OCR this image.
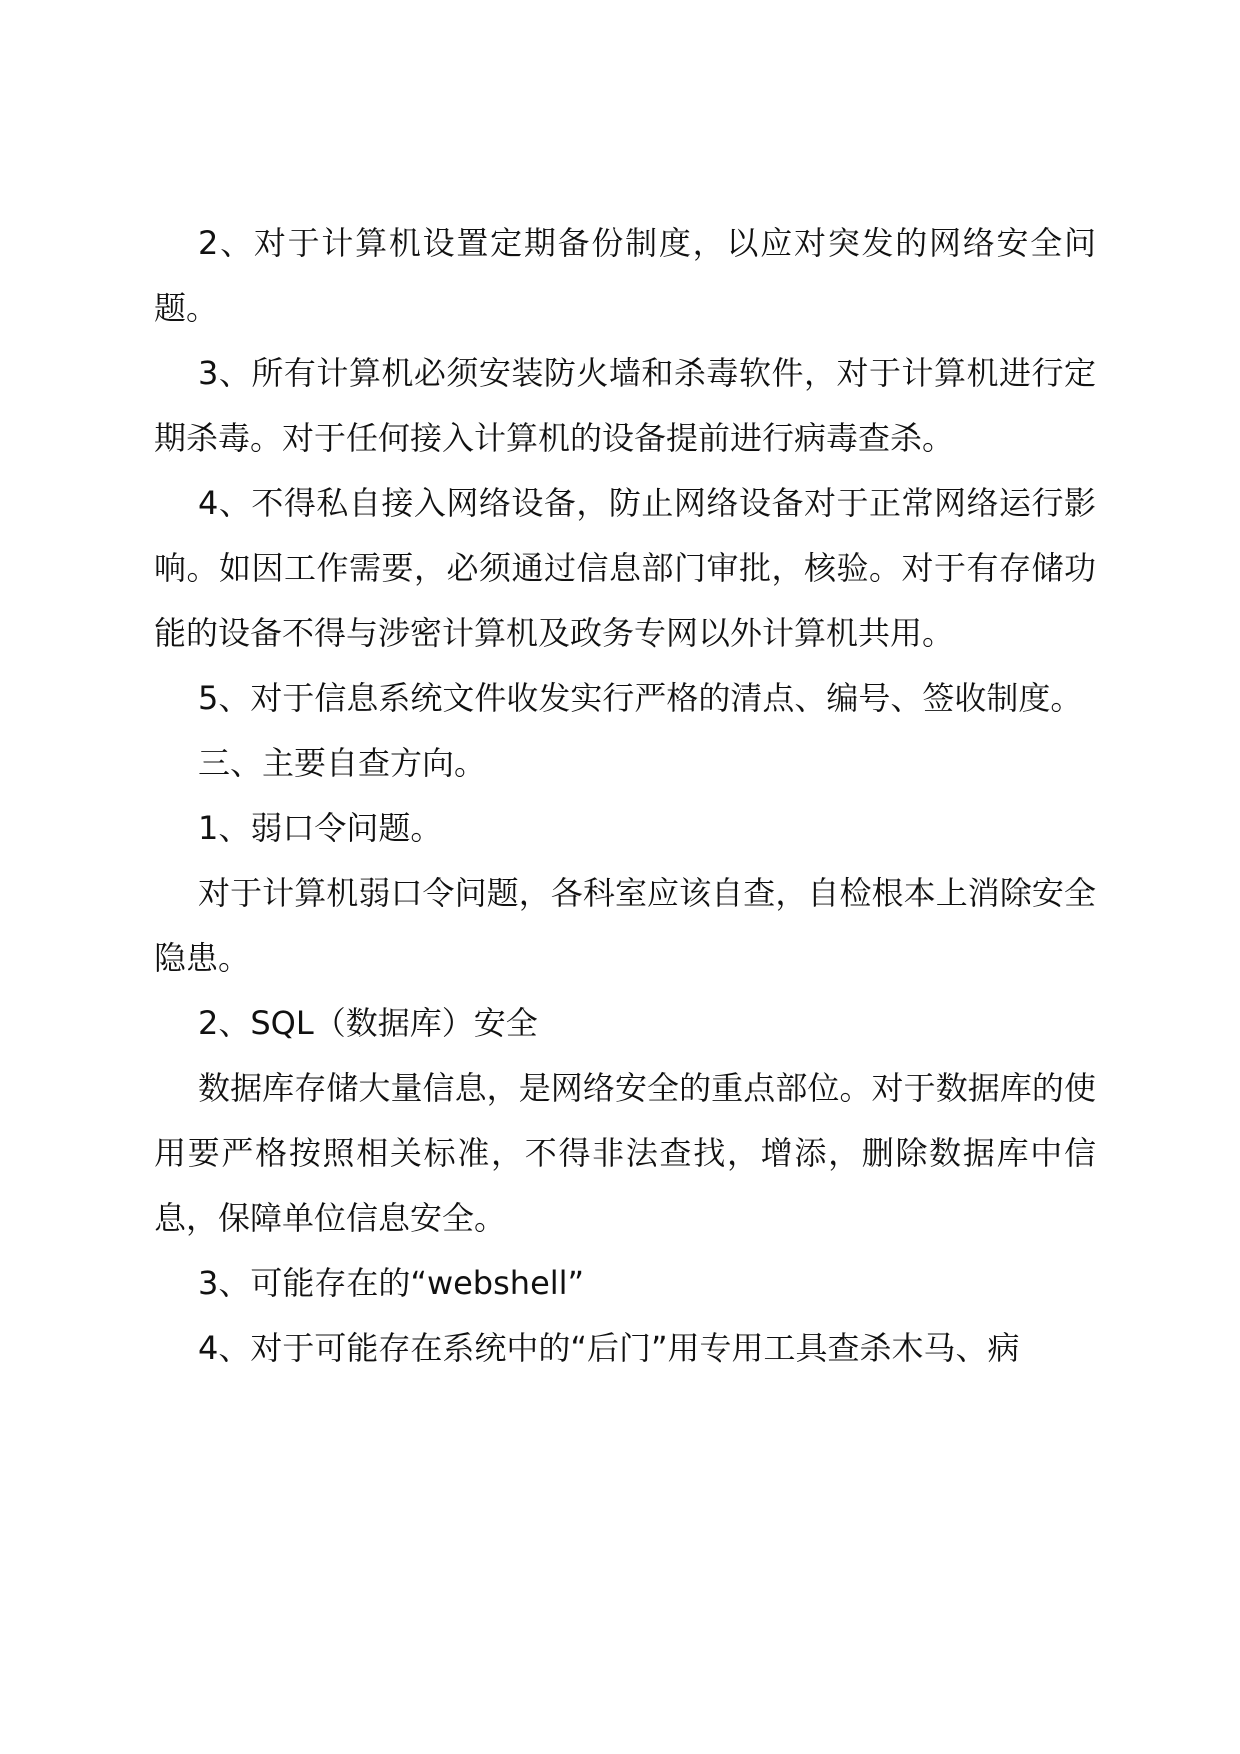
2、对于计算机设置定期备份制度，以应对突发的网络安全问题。

3、所有计算机必须安装防火墙和杀毒软件，对于计算机进行定期杀毒。对于任何接入计算机的设备提前进行病毒查杀。

4、不得私自接入网络设备，防止网络设备对于正常网络运行影响。如因工作需要，必须通过信息部门审批，核验。对于有存储功能的设备不得与涉密计算机及政务专网以外计算机共用。

5、对于信息系统文件收发实行严格的清点、编号、签收制度。

三、主要自查方向。

1、弱口令问题。

对于计算机弱口令问题，各科室应该自查，自检根本上消除安全隐患。

2、SQL（数据库）安全

数据库存储大量信息，是网络安全的重点部位。对于数据库的使用要严格按照相关标准，不得非法查找，增添，删除数据库中信息，保障单位信息安全。

3、可能存在的“webshell”

4、对于可能存在系统中的“后门”用专用工具查杀木马、病
